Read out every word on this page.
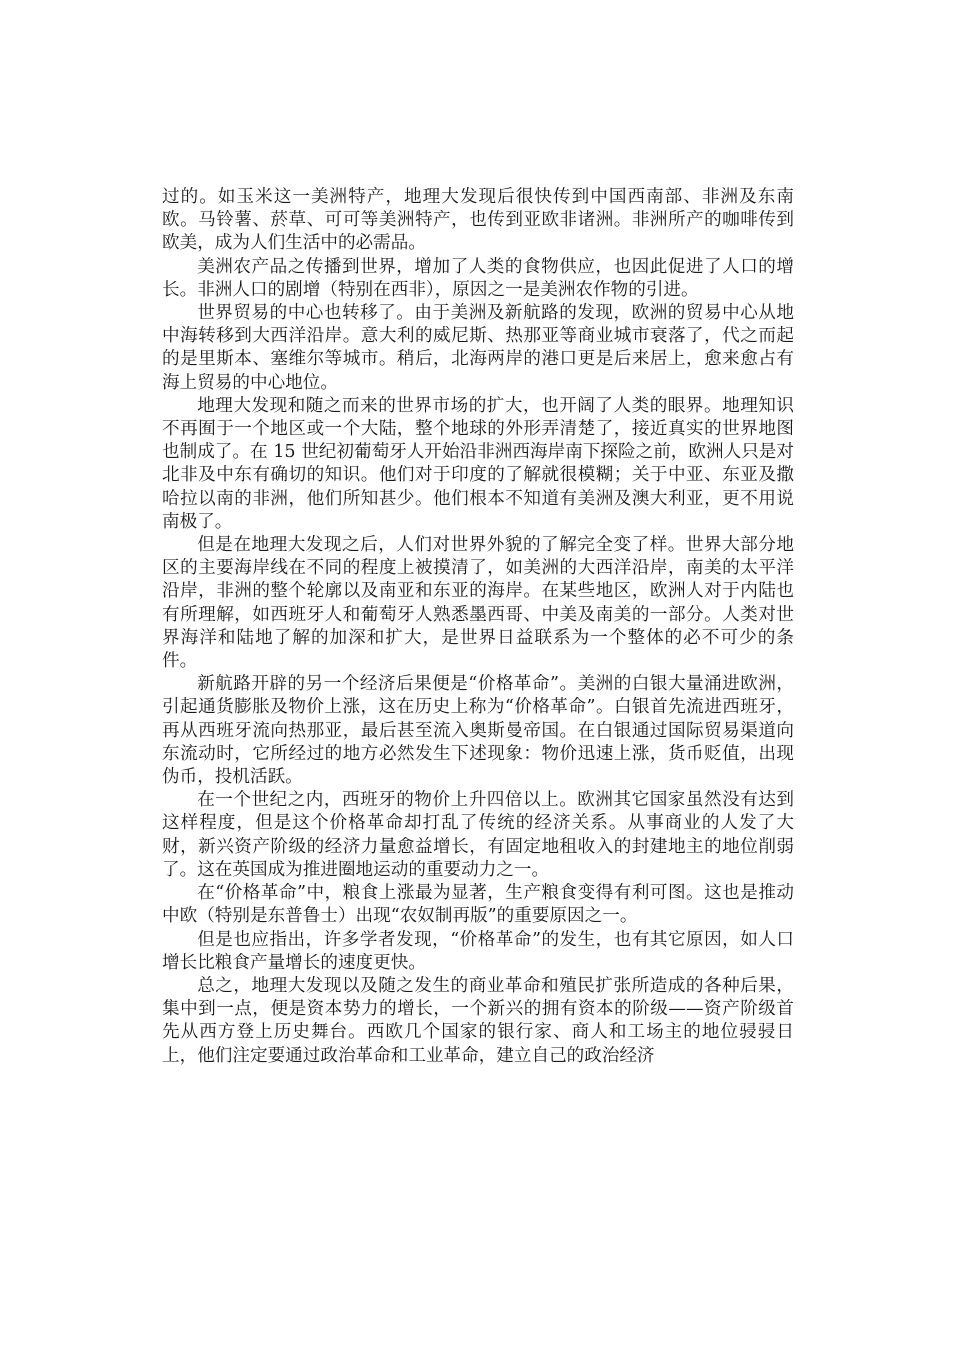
过的。如玉米这一美洲特产，地理大发现后很快传到中国西南部、非洲及东南欧。马铃薯、菸草、可可等美洲特产，也传到亚欧非诸洲。非洲所产的咖啡传到欧美，成为人们生活中的必需品。

美洲农产品之传播到世界，增加了人类的食物供应，也因此促进了人口的增长。非洲人口的剧增（特别在西非），原因之一是美洲农作物的引进。

世界贸易的中心也转移了。由于美洲及新航路的发现，欧洲的贸易中心从地中海转移到大西洋沿岸。意大利的威尼斯、热那亚等商业城市衰落了，代之而起的是里斯本、塞维尔等城市。稍后，北海两岸的港口更是后来居上，愈来愈占有海上贸易的中心地位。

地理大发现和随之而来的世界市场的扩大，也开阔了人类的眼界。地理知识不再囿于一个地区或一个大陆，整个地球的外形弄清楚了，接近真实的世界地图也制成了。在 15 世纪初葡萄牙人开始沿非洲西海岸南下探险之前，欧洲人只是对北非及中东有确切的知识。他们对于印度的了解就很模糊；关于中亚、东亚及撒哈拉以南的非洲，他们所知甚少。他们根本不知道有美洲及澳大利亚，更不用说南极了。

但是在地理大发现之后，人们对世界外貌的了解完全变了样。世界大部分地区的主要海岸线在不同的程度上被摸清了，如美洲的大西洋沿岸，南美的太平洋沿岸，非洲的整个轮廓以及南亚和东亚的海岸。在某些地区，欧洲人对于内陆也有所理解，如西班牙人和葡萄牙人熟悉墨西哥、中美及南美的一部分。人类对世界海洋和陆地了解的加深和扩大，是世界日益联系为一个整体的必不可少的条件。

新航路开辟的另一个经济后果便是“价格革命”。美洲的白银大量涌进欧洲，引起通货膨胀及物价上涨，这在历史上称为“价格革命”。白银首先流进西班牙，再从西班牙流向热那亚，最后甚至流入奥斯曼帝国。在白银通过国际贸易渠道向东流动时，它所经过的地方必然发生下述现象：物价迅速上涨，货币贬值，出现伪币，投机活跃。

在一个世纪之内，西班牙的物价上升四倍以上。欧洲其它国家虽然没有达到这样程度，但是这个价格革命却打乱了传统的经济关系。从事商业的人发了大财，新兴资产阶级的经济力量愈益增长，有固定地租收入的封建地主的地位削弱了。这在英国成为推进圈地运动的重要动力之一。

在“价格革命”中，粮食上涨最为显著，生产粮食变得有利可图。这也是推动中欧（特别是东普鲁士）出现“农奴制再版”的重要原因之一。

但是也应指出，许多学者发现，“价格革命”的发生，也有其它原因，如人口增长比粮食产量增长的速度更快。

总之，地理大发现以及随之发生的商业革命和殖民扩张所造成的各种后果，集中到一点，便是资本势力的增长，一个新兴的拥有资本的阶级——资产阶级首先从西方登上历史舞台。西欧几个国家的银行家、商人和工场主的地位骎骎日上，他们注定要通过政治革命和工业革命，建立自己的政治经济
